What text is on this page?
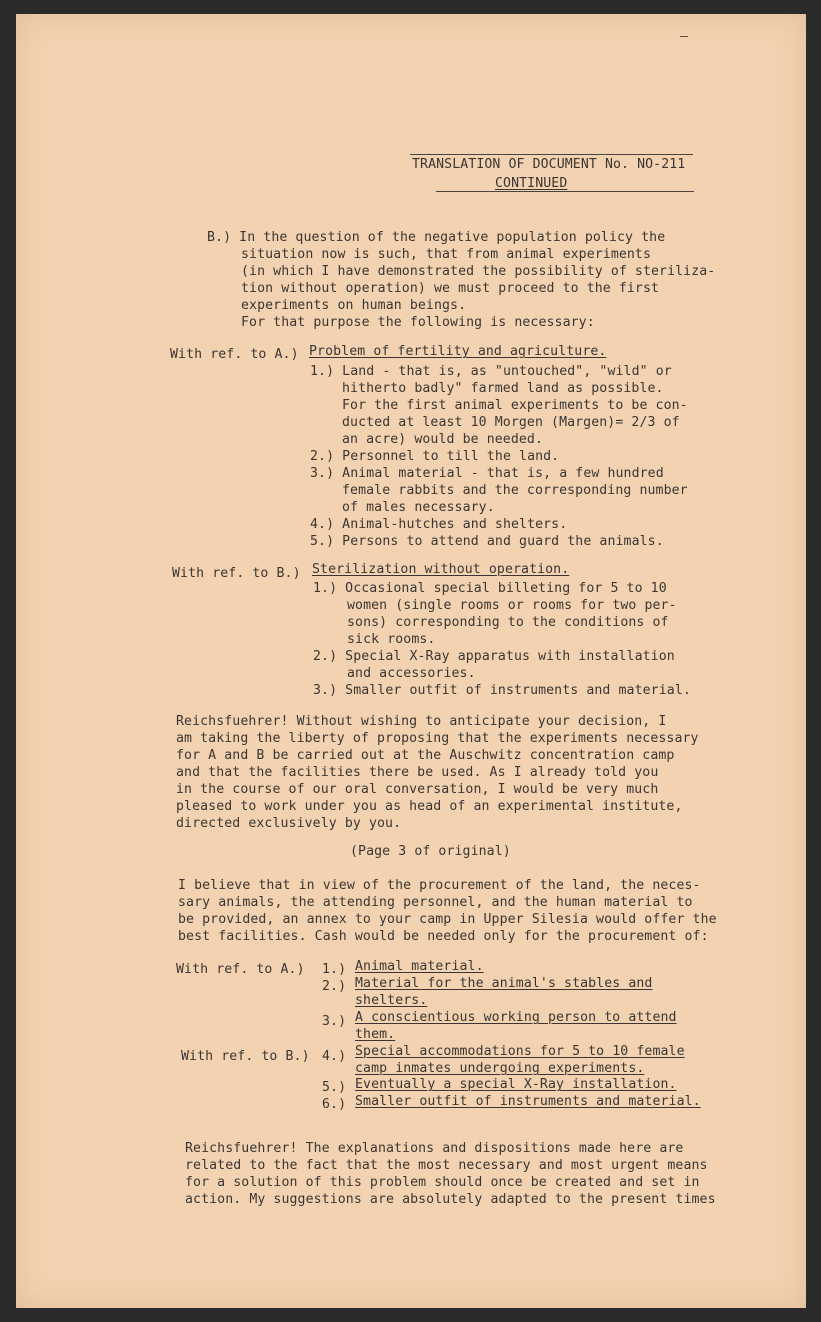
TRANSLATION OF DOCUMENT No. NO-211
CONTINUED
B.) In the question of the negative population policy the
situation now is such, that from animal experiments
(in which I have demonstrated the possibility of steriliza-
tion without operation) we must proceed to the first
experiments on human beings.
For that purpose the following is necessary:
With ref. to A.) Problem of fertility and agriculture.
1.) Land - that is, as "untouched", "wild" or
hitherto badly" farmed land as possible.
For the first animal experiments to be con-
ducted at least 10 Morgen (Margen)= 2/3 of
an acre) would be needed.
2.) Personnel to till the land.
3.) Animal material - that is, a few hundred
female rabbits and the corresponding number
of males necessary.
4.) Animal-hutches and shelters.
5.) Persons to attend and guard the animals.
With ref. to B.) Sterilization without operation.
1.) Occasional special billeting for 5 to 10
women (single rooms or rooms for two per-
sons) corresponding to the conditions of
sick rooms.
2.) Special X-Ray apparatus with installation
and accessories.
3.) Smaller outfit of instruments and material.
Reichsfuehrer! Without wishing to anticipate your decision, I
am taking the liberty of proposing that the experiments necessary
for A and B be carried out at the Auschwitz concentration camp
and that the facilities there be used. As I already told you
in the course of our oral conversation, I would be very much
pleased to work under you as head of an experimental institute,
directed exclusively by you.
(Page 3 of original)
I believe that in view of the procurement of the land, the neces-
sary animals, the attending personnel, and the human material to
be provided, an annex to your camp in Upper Silesia would offer the
best facilities. Cash would be needed only for the procurement of:
With ref. to A.) 1.) Animal material.
2.) Material for the animal's stables and
shelters.
3.) A conscientious working person to attend
them.
With ref. to B.) 4.) Special accommodations for 5 to 10 female
camp inmates undergoing experiments.
5.) Eventually a special X-Ray installation.
6.) Smaller outfit of instruments and material.
Reichsfuehrer! The explanations and dispositions made here are
related to the fact that the most necessary and most urgent means
for a solution of this problem should once be created and set in
action. My suggestions are absolutely adapted to the present times
